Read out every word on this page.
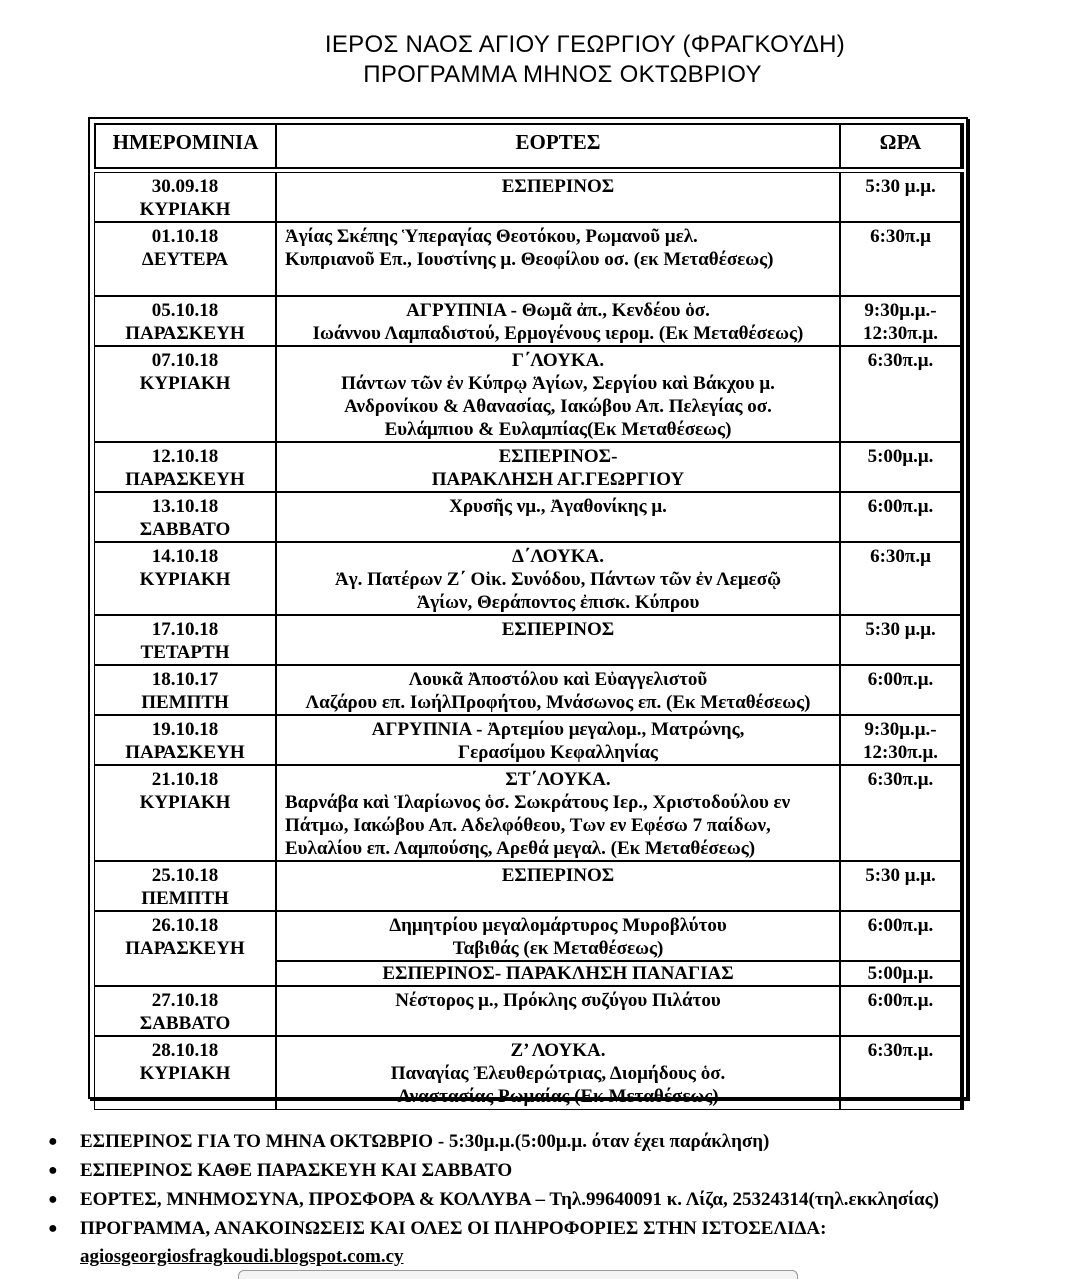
ΙΕΡΟΣ ΝΑΟΣ ΑΓΙΟΥ ΓΕΩΡΓΙΟΥ (ΦΡΑΓΚΟΥΔΗ)
ΠΡΟΓΡΑΜΜΑ ΜΗΝΟΣ ΟΚΤΩΒΡΙΟΥ
ΗΜΕΡΟΜΙΝΙΑ	ΕΟΡΤΕΣ	ΩΡΑ

30.09.18
ΚΥΡΙΑΚΗ	ΕΣΠΕΡΙΝΟΣ	5:30 μ.μ.

01.10.18
ΔΕΥΤΕΡΑ	Ἁγίας Σκέπης Ὑπεραγίας Θεοτόκου, Ρωμανοῦ μελ.
Κυπριανοῦ Επ., Ιουστίνης μ. Θεοφίλου οσ. (εκ Μεταθέσεως)	6:30π.μ

05.10.18
ΠΑΡΑΣΚΕΥΗ	ΑΓΡΥΠΝΙΑ - Θωμᾶ ἀπ., Κενδέου ὁσ.
Ιωάννου Λαμπαδιστού, Ερμογένους ιερομ. (Εκ Μεταθέσεως)	9:30μ.μ.-
12:30π.μ.

07.10.18
ΚΥΡΙΑΚΗ	Γ΄ΛΟΥΚΑ.
Πάντων τῶν ἐν Κύπρῳ Ἁγίων, Σεργίου καὶ Βάκχου μ.
Ανδρονίκου & Αθανασίας, Ιακώβου Απ. Πελεγίας οσ.
Ευλάμπιου & Ευλαμπίας(Εκ Μεταθέσεως)	6:30π.μ.

12.10.18
ΠΑΡΑΣΚΕΥΗ	ΕΣΠΕΡΙΝΟΣ-
ΠΑΡΑΚΛΗΣΗ ΑΓ.ΓΕΩΡΓΙΟΥ	5:00μ.μ.

13.10.18
ΣΑΒΒΑΤΟ	Χρυσῆς νμ., Ἀγαθονίκης μ.	6:00π.μ.

14.10.18
ΚΥΡΙΑΚΗ	Δ΄ΛΟΥΚΑ.
Ἁγ. Πατέρων Ζ΄ Οἰκ. Συνόδου, Πάντων τῶν ἐν Λεμεσῷ
Ἁγίων, Θεράποντος ἐπισκ. Κύπρου	6:30π.μ

17.10.18
ΤΕΤΑΡΤΗ	ΕΣΠΕΡΙΝΟΣ	5:30 μ.μ.

18.10.17
ΠΕΜΠΤΗ	Λουκᾶ Ἀποστόλου καὶ Εὐαγγελιστοῦ
Λαζάρου επ. ΙωήλΠροφήτου, Μνάσωνος επ. (Εκ Μεταθέσεως)	6:00π.μ.

19.10.18
ΠΑΡΑΣΚΕΥΗ	ΑΓΡΥΠΝΙΑ - Ἀρτεμίου μεγαλομ., Ματρώνης,
Γερασίμου Κεφαλληνίας	9:30μ.μ.-
12:30π.μ.

21.10.18
ΚΥΡΙΑΚΗ	ΣΤ΄ΛΟΥΚΑ.
Βαρνάβα καὶ Ἱλαρίωνος ὁσ. Σωκράτους Ιερ., Χριστοδούλου εν
Πάτμω, Ιακώβου Απ. Αδελφόθεου, Των εν Εφέσω 7 παίδων,
Ευλαλίου επ. Λαμπούσης, Αρεθά μεγαλ. (Εκ Μεταθέσεως)	6:30π.μ.

25.10.18
ΠΕΜΠΤΗ	ΕΣΠΕΡΙΝΟΣ	5:30 μ.μ.

26.10.18
ΠΑΡΑΣΚΕΥΗ	Δημητρίου μεγαλομάρτυρος Μυροβλύτου
Ταβιθάς (εκ Μεταθέσεως)	6:00π.μ.

	ΕΣΠΕΡΙΝΟΣ- ΠΑΡΑΚΛΗΣΗ ΠΑΝΑΓΙΑΣ	5:00μ.μ.

27.10.18
ΣΑΒΒΑΤΟ	Νέστορος μ., Πρόκλης συζύγου Πιλάτου	6:00π.μ.

28.10.18
ΚΥΡΙΑΚΗ	Ζ’ ΛΟΥΚΑ.
Παναγίας Ἐλευθερώτριας, Διομήδους ὁσ.
Αναστασίας Ρωμαίας (Εκ Μεταθέσεως)	6:30π.μ.
● ΕΣΠΕΡΙΝΟΣ ΓΙΑ ΤΟ ΜΗΝΑ ΟΚΤΩΒΡΙΟ - 5:30μ.μ.(5:00μ.μ. όταν έχει παράκληση)
● ΕΣΠΕΡΙΝΟΣ ΚΑΘΕ ΠΑΡΑΣΚΕΥΗ ΚΑΙ ΣΑΒΒΑΤΟ
● ΕΟΡΤΕΣ, ΜΝΗΜΟΣΥΝΑ, ΠΡΟΣΦΟΡΑ & ΚΟΛΛΥΒΑ – Τηλ.99640091 κ. Λίζα, 25324314(τηλ.εκκλησίας)
● ΠΡΟΓΡΑΜΜΑ, ΑΝΑΚΟΙΝΩΣΕΙΣ ΚΑΙ ΟΛΕΣ ΟΙ ΠΛΗΡΟΦΟΡΙΕΣ ΣΤΗΝ ΙΣΤΟΣΕΛΙΔΑ:
agiosgeorgiosfragkoudi.blogspot.com.cy
